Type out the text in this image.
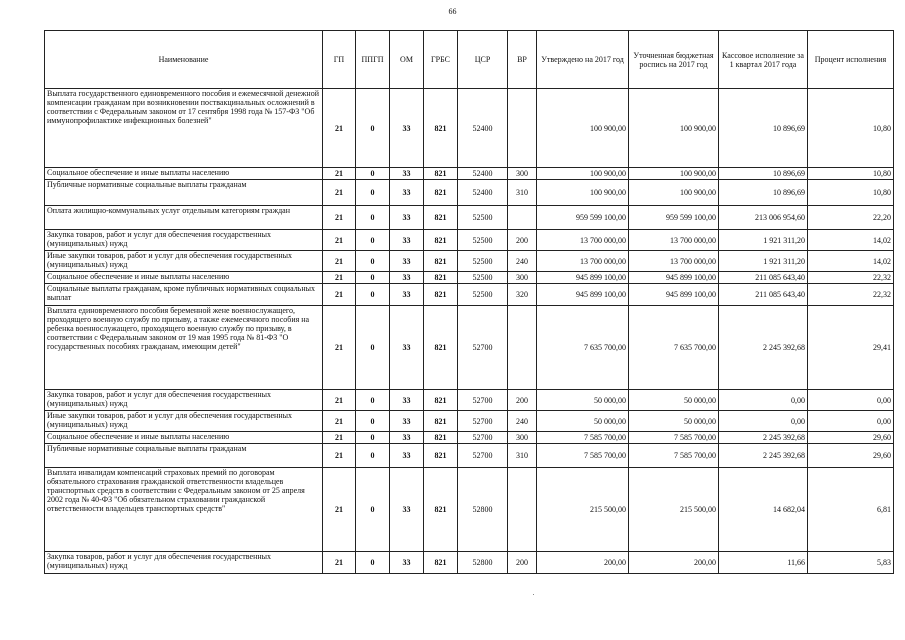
66
Наименование	ГП	ППГП	ОМ	ГРБС	ЦСР	ВР	Утверждено на 2017 год	Уточненная бюджетная роспись на 2017 год	Кассовое исполнение за 1 квартал 2017 года	Процент исполнения
Выплата государственного единовременного пособия и ежемесячной денежной компенсации гражданам при возникновении поствакцинальных осложнений в соответствии с Федеральным законом от 17 сентября 1998 года № 157-ФЗ "Об иммунопрофилактике инфекционных болезней"	21	0	33	821	52400		100 900,00	100 900,00	10 896,69	10,80
Социальное обеспечение и иные выплаты населению	21	0	33	821	52400	300	100 900,00	100 900,00	10 896,69	10,80
Публичные нормативные социальные выплаты гражданам	21	0	33	821	52400	310	100 900,00	100 900,00	10 896,69	10,80
Оплата жилищно-коммунальных услуг отдельным категориям граждан	21	0	33	821	52500		959 599 100,00	959 599 100,00	213 006 954,60	22,20
Закупка товаров, работ и услуг для обеспечения государственных (муниципальных) нужд	21	0	33	821	52500	200	13 700 000,00	13 700 000,00	1 921 311,20	14,02
Иные закупки товаров, работ и услуг для обеспечения государственных (муниципальных) нужд	21	0	33	821	52500	240	13 700 000,00	13 700 000,00	1 921 311,20	14,02
Социальное обеспечение и иные выплаты населению	21	0	33	821	52500	300	945 899 100,00	945 899 100,00	211 085 643,40	22,32
Социальные выплаты гражданам, кроме публичных нормативных социальных выплат	21	0	33	821	52500	320	945 899 100,00	945 899 100,00	211 085 643,40	22,32
Выплата единовременного пособия беременной жене военнослужащего, проходящего военную службу по призыву, а также ежемесячного пособия на ребенка военнослужащего, проходящего военную службу по призыву, в соответствии с Федеральным законом от 19 мая 1995 года № 81-ФЗ "О государственных пособиях гражданам, имеющим детей"	21	0	33	821	52700		7 635 700,00	7 635 700,00	2 245 392,68	29,41
Закупка товаров, работ и услуг для обеспечения государственных (муниципальных) нужд	21	0	33	821	52700	200	50 000,00	50 000,00	0,00	0,00
Иные закупки товаров, работ и услуг для обеспечения государственных (муниципальных) нужд	21	0	33	821	52700	240	50 000,00	50 000,00	0,00	0,00
Социальное обеспечение и иные выплаты населению	21	0	33	821	52700	300	7 585 700,00	7 585 700,00	2 245 392,68	29,60
Публичные нормативные социальные выплаты гражданам	21	0	33	821	52700	310	7 585 700,00	7 585 700,00	2 245 392,68	29,60
Выплата инвалидам компенсаций страховых премий по договорам обязательного страхования гражданской ответственности владельцев транспортных средств в соответствии с Федеральным законом от 25 апреля 2002 года № 40-ФЗ "Об обязательном страховании гражданской ответственности владельцев транспортных средств"	21	0	33	821	52800		215 500,00	215 500,00	14 682,04	6,81
Закупка товаров, работ и услуг для обеспечения государственных (муниципальных) нужд	21	0	33	821	52800	200	200,00	200,00	11,66	5,83
